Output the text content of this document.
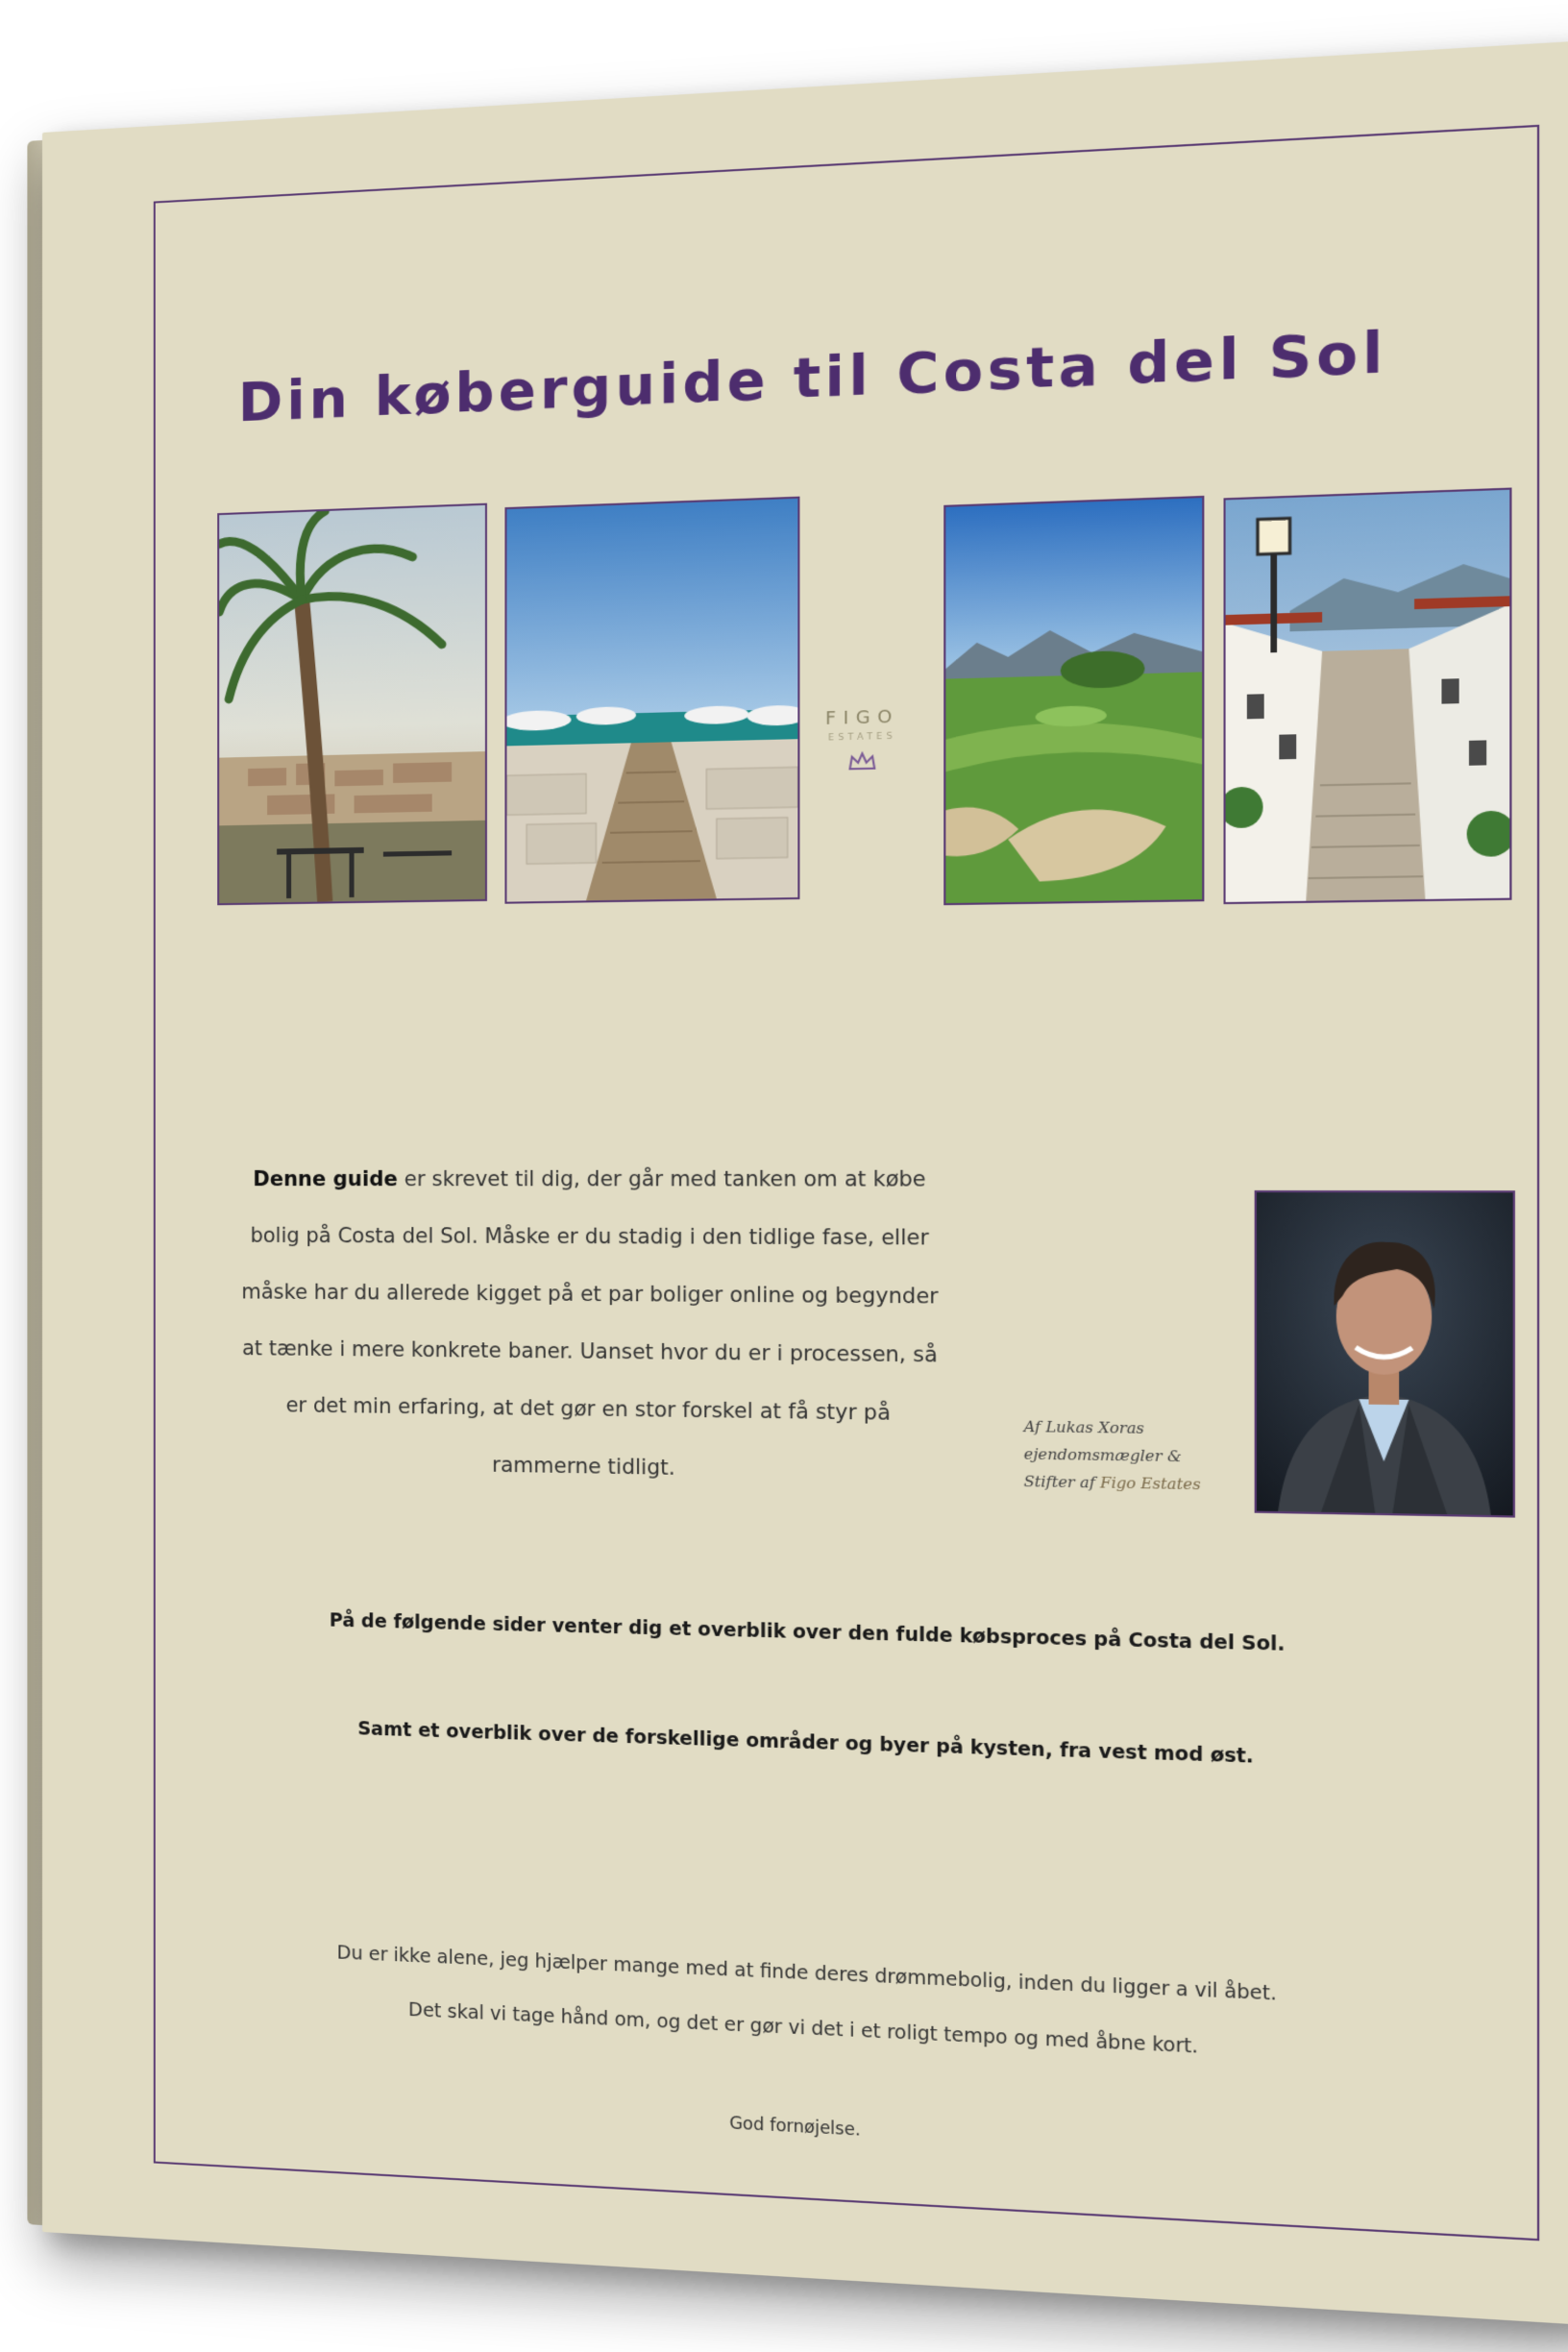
Din køberguide til Costa del Sol
FIGO
ESTATES

Denne guide er skrevet til dig, der går med tanken om at købe bolig på Costa del Sol. Måske er du stadig i den tidlige fase, eller måske har du allerede kigget på et par boliger online og begynder at tænke i mere konkrete baner. Uanset hvor du er i processen, så er det min erfaring, at det gør en stor forskel at få styr på rammerne tidligt.

Af Lukas Xoras
ejendomsmægler &
Stifter af Figo Estates

På de følgende sider venter dig et overblik over den fulde købsproces på Costa del Sol.

Samt et overblik over de forskellige områder og byer på kysten, fra vest mod øst.

Du er ikke alene, jeg hjælper mange med at finde deres drømmebolig, inden du ligger a vil åbet.

Det skal vi tage hånd om, og det er gør vi det i et roligt tempo og med åbne kort.

God fornøjelse.
